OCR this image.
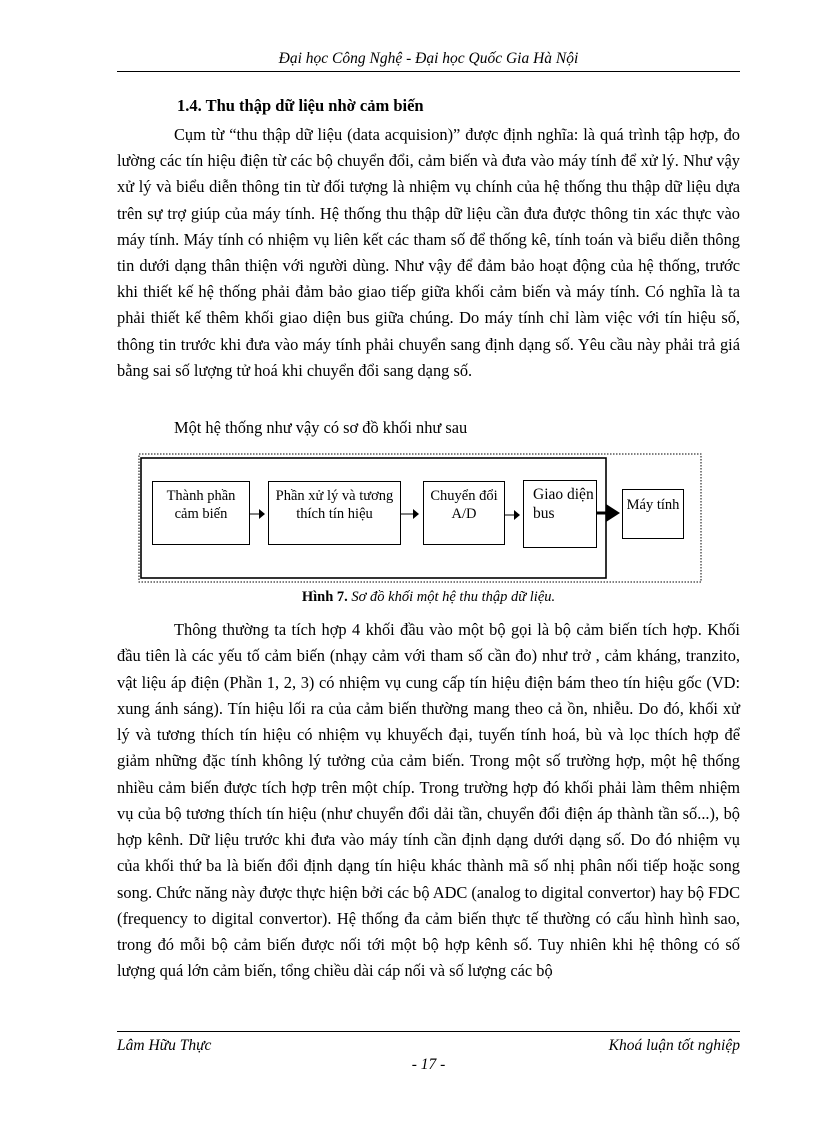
Đại học Công Nghệ - Đại học Quốc Gia Hà Nội
1.4. Thu thập dữ liệu nhờ cảm biến

Cụm từ “thu thập dữ liệu (data acquision)” được định nghĩa: là quá trình tập hợp, đo lường các tín hiệu điện từ các bộ chuyển đổi, cảm biến và đưa vào máy tính để xử lý. Như vậy xử lý và biểu diễn thông tin từ đối tượng là nhiệm vụ chính của hệ thống thu thập dữ liệu dựa trên sự trợ giúp của máy tính. Hệ thống thu thập dữ liệu cần đưa được thông tin xác thực vào máy tính. Máy tính có nhiệm vụ liên kết các tham số để thống kê, tính toán và biểu diễn thông tin dưới dạng thân thiện với người dùng. Như vậy để đảm bảo hoạt động của hệ thống, trước khi thiết kế hệ thống phải đảm bảo giao tiếp giữa khối cảm biến và máy tính. Có nghĩa là ta phải thiết kế thêm khối giao diện bus giữa chúng. Do máy tính chỉ làm việc với tín hiệu số, thông tin trước khi đưa vào máy tính phải chuyển sang định dạng số. Yêu cầu này phải trả giá bằng sai số lượng tử hoá khi chuyển đổi sang dạng số.

Một hệ thống như vậy có sơ đồ khối như sau

Thành phần cảm biến
Phần xử lý và tương thích tín hiệu
Chuyển đổi A/D
Giao diện bus	Máy tính
Hình 7. Sơ đồ khối một hệ thu thập dữ liệu.

Thông thường ta tích hợp 4 khối đầu vào một bộ gọi là bộ cảm biến tích hợp. Khối đầu tiên là các yếu tố cảm biến (nhạy cảm với tham số cần đo) như trở , cảm kháng, tranzito, vật liệu áp điện (Phần 1, 2, 3) có nhiệm vụ cung cấp tín hiệu điện bám theo tín hiệu gốc (VD: xung ánh sáng). Tín hiệu lối ra của cảm biến thường mang theo cả ồn, nhiễu. Do đó, khối xử lý và tương thích tín hiệu có nhiệm vụ khuyếch đại, tuyến tính hoá, bù và lọc thích hợp để giảm những đặc tính không lý tưởng của cảm biến. Trong một số trường hợp, một hệ thống nhiều cảm biến được tích hợp trên một chíp. Trong trường hợp đó khối phải làm thêm nhiệm vụ của bộ tương thích tín hiệu (như chuyển đổi dải tần, chuyển đổi điện áp thành tần số...), bộ hợp kênh. Dữ liệu trước khi đưa vào máy tính cần định dạng dưới dạng số. Do đó nhiệm vụ của khối thứ ba là biến đổi định dạng tín hiệu khác thành mã số nhị phân nối tiếp hoặc song song. Chức năng này được thực hiện bởi các bộ ADC (analog to digital convertor) hay bộ FDC (frequency to digital convertor). Hệ thống đa cảm biến thực tế thường có cấu hình hình sao, trong đó mỗi bộ cảm biến được nối tới một bộ hợp kênh số. Tuy nhiên khi hệ thông có số lượng quá lớn cảm biến, tổng chiều dài cáp nối và số lượng các bộ

Lâm Hữu Thực	Khoá luận tốt nghiệp
- 17 -
